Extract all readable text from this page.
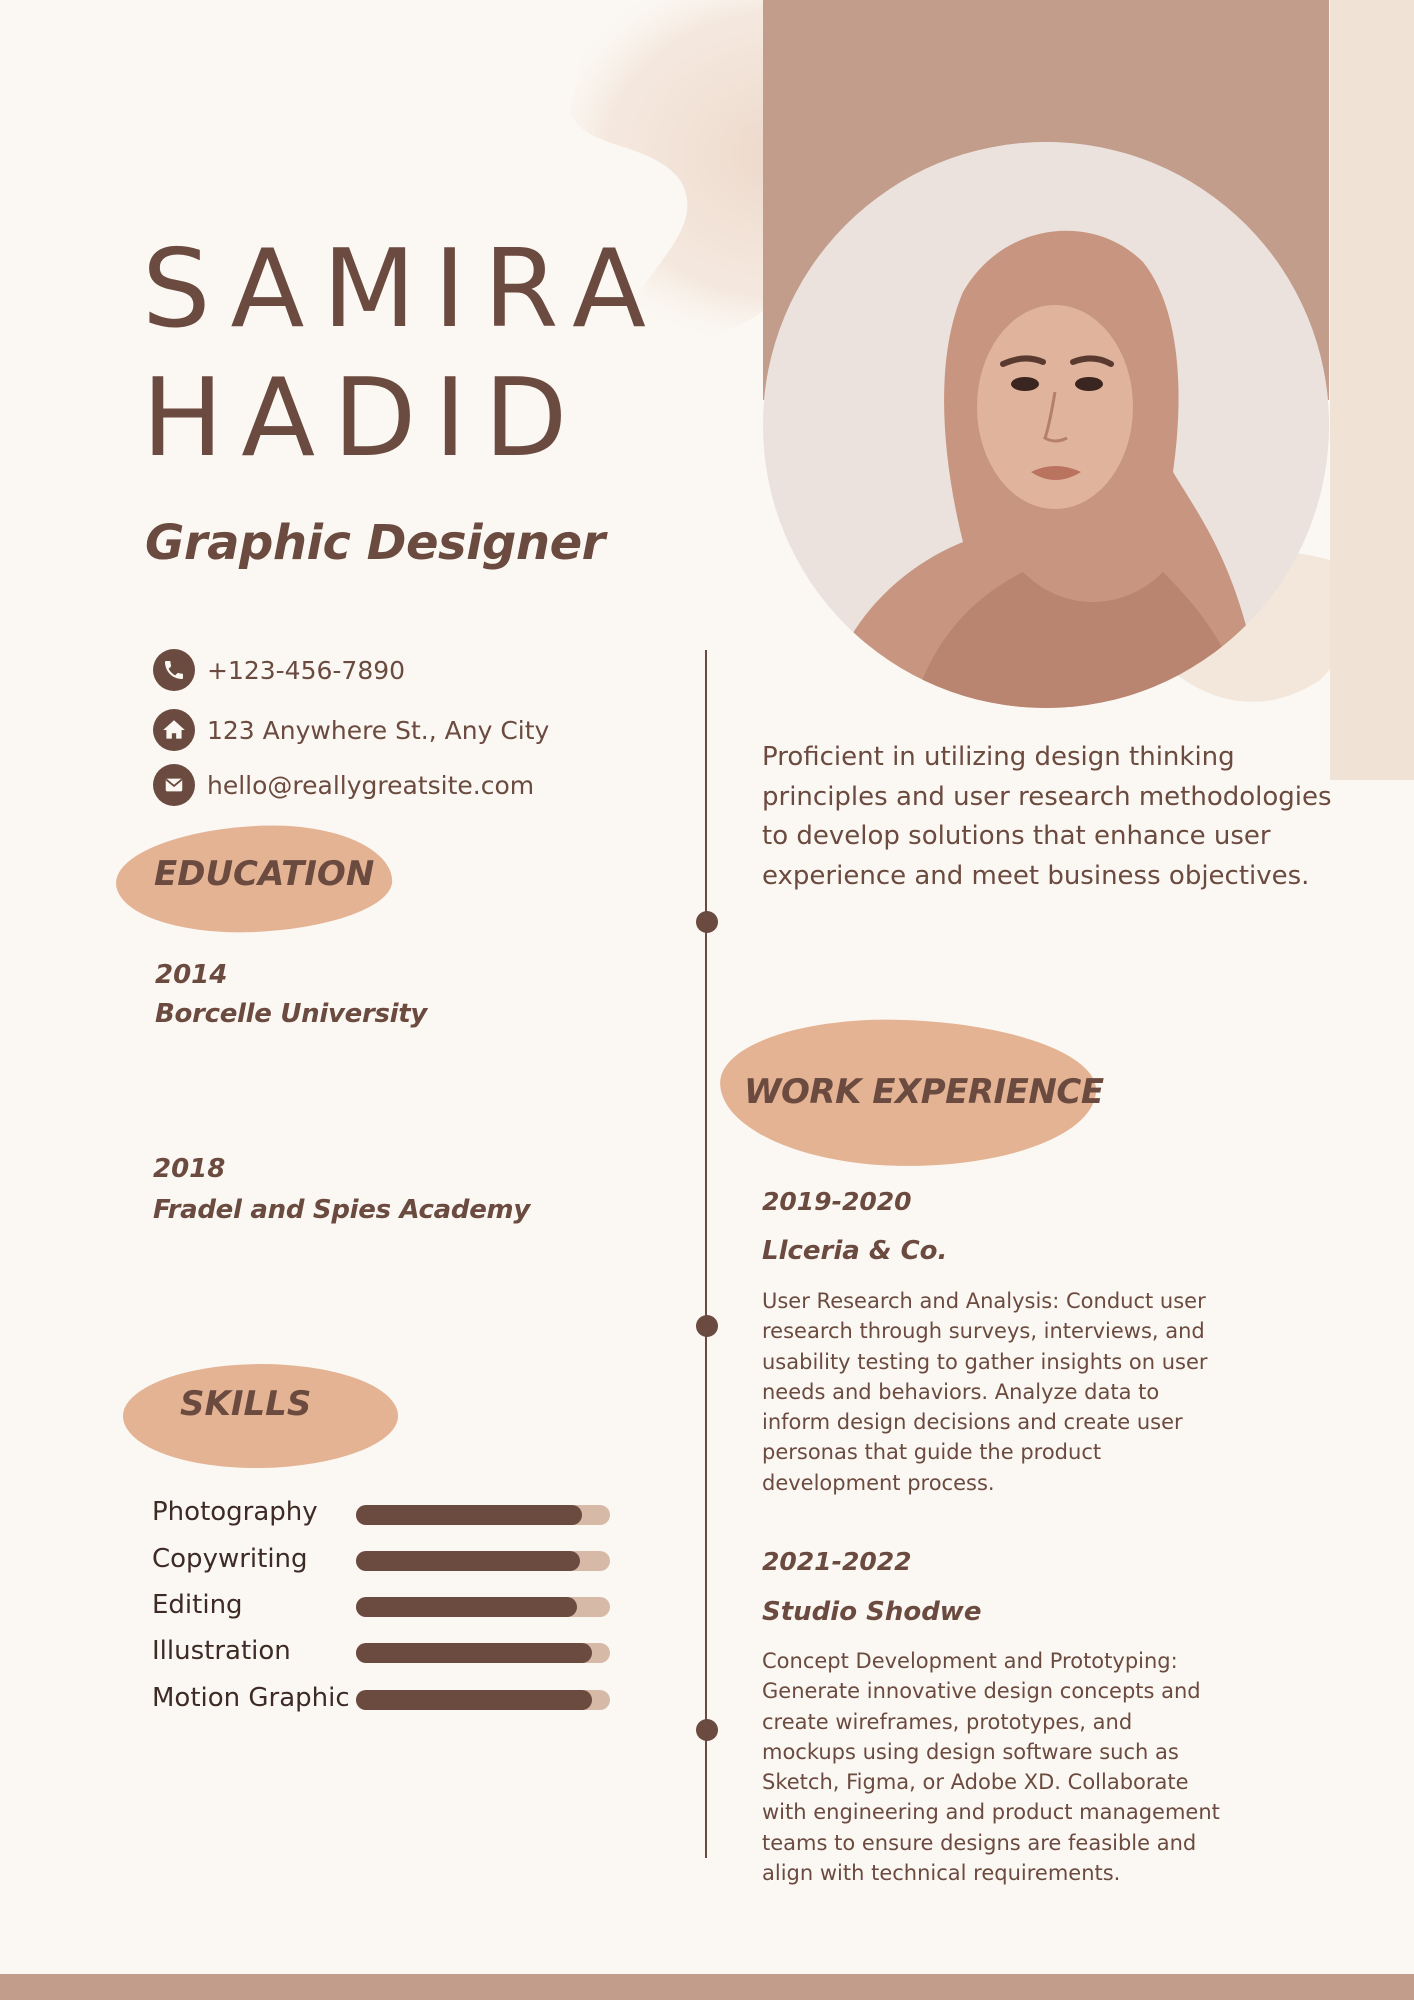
SAMIRA
HADID
Graphic Designer
+123-456-7890
123 Anywhere St., Any City
hello@reallygreatsite.com
EDUCATION
2014
Borcelle University
2018
Fradel and Spies Academy
SKILLS
Photography
Copywriting
Editing
Illustration
Motion Graphic
Proficient in utilizing design thinking principles and user research methodologies to develop solutions that enhance user experience and meet business objectives.
WORK EXPERIENCE
2019-2020
Llceria & Co.
User Research and Analysis: Conduct user research through surveys, interviews, and usability testing to gather insights on user needs and behaviors. Analyze data to inform design decisions and create user personas that guide the product development process.
2021-2022
Studio Shodwe
Concept Development and Prototyping: Generate innovative design concepts and create wireframes, prototypes, and mockups using design software such as Sketch, Figma, or Adobe XD. Collaborate with engineering and product management teams to ensure designs are feasible and align with technical requirements.
